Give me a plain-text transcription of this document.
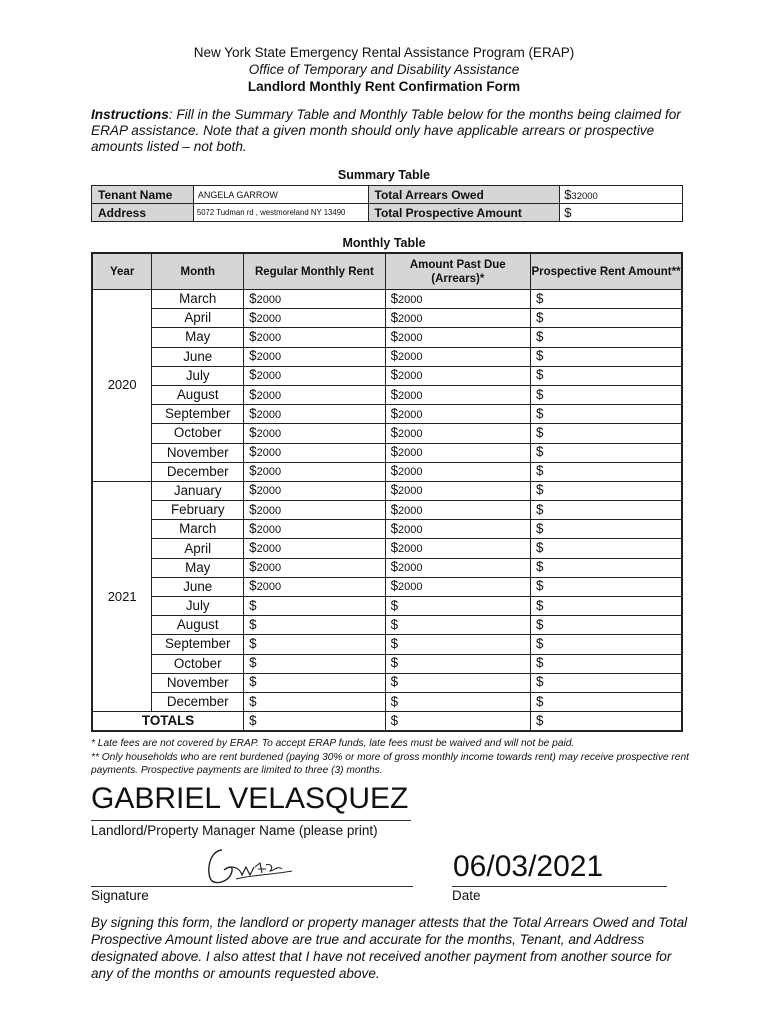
New York State Emergency Rental Assistance Program (ERAP)
Office of Temporary and Disability Assistance
Landlord Monthly Rent Confirmation Form
Instructions: Fill in the Summary Table and Monthly Table below for the months being claimed for ERAP assistance. Note that a given month should only have applicable arrears or prospective amounts listed – not both.
Summary Table
Tenant Name	ANGELA GARROW	Total Arrears Owed	$32000
Address	5072 Tudman rd , westmoreland NY 13490	Total Prospective Amount	$
Monthly Table
Year	Month	Regular Monthly Rent	Amount Past Due (Arrears)*	Prospective Rent Amount**
2020	March	$2000	$2000	$
	April	$2000	$2000	$
	May	$2000	$2000	$
	June	$2000	$2000	$
	July	$2000	$2000	$
	August	$2000	$2000	$
	September	$2000	$2000	$
	October	$2000	$2000	$
	November	$2000	$2000	$
	December	$2000	$2000	$
2021	January	$2000	$2000	$
	February	$2000	$2000	$
	March	$2000	$2000	$
	April	$2000	$2000	$
	May	$2000	$2000	$
	June	$2000	$2000	$
	July	$	$	$
	August	$	$	$
	September	$	$	$
	October	$	$	$
	November	$	$	$
	December	$	$	$
TOTALS		$	$	$
* Late fees are not covered by ERAP. To accept ERAP funds, late fees must be waived and will not be paid.
** Only households who are rent burdened (paying 30% or more of gross monthly income towards rent) may receive prospective rent payments. Prospective payments are limited to three (3) months.
GABRIEL VELASQUEZ
Landlord/Property Manager Name (please print)
Signature
06/03/2021
Date
By signing this form, the landlord or property manager attests that the Total Arrears Owed and Total Prospective Amount listed above are true and accurate for the months, Tenant, and Address designated above. I also attest that I have not received another payment from another source for any of the months or amounts requested above.
